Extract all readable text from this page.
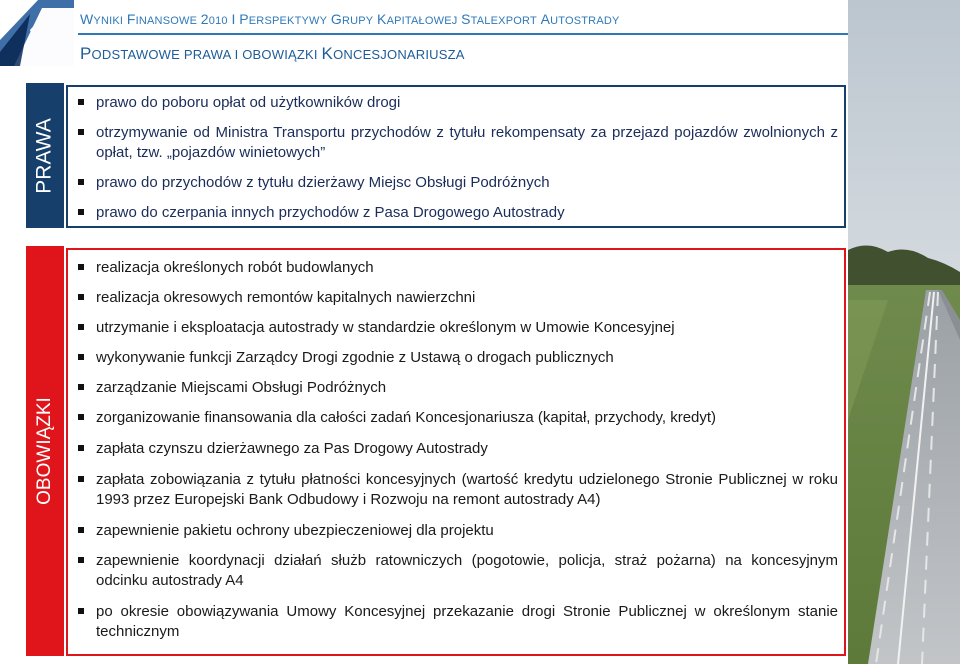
WYNIKI FINANSOWE 2010 I PERSPEKTYWY GRUPY KAPITAŁOWEJ STALEXPORT AUTOSTRADY
PODSTAWOWE PRAWA I OBOWIĄZKI KONCESJONARIUSZA
PRAWA
prawo do poboru opłat od użytkowników drogi
otrzymywanie od Ministra Transportu przychodów z tytułu rekompensaty za przejazd pojazdów zwolnionych z opłat, tzw. „pojazdów winietowych”
prawo do przychodów z tytułu dzierżawy Miejsc Obsługi Podróżnych
prawo do czerpania innych przychodów z Pasa Drogowego Autostrady
OBOWIĄZKI
realizacja określonych robót budowlanych
realizacja okresowych remontów kapitalnych nawierzchni
utrzymanie i eksploatacja autostrady w standardzie określonym w Umowie Koncesyjnej
wykonywanie funkcji Zarządcy Drogi zgodnie z Ustawą o drogach publicznych
zarządzanie Miejscami Obsługi Podróżnych
zorganizowanie finansowania dla całości zadań Koncesjonariusza (kapitał, przychody, kredyt)
zapłata czynszu dzierżawnego za Pas Drogowy Autostrady
zapłata zobowiązania z tytułu płatności koncesyjnych (wartość kredytu udzielonego Stronie Publicznej w roku 1993 przez Europejski Bank Odbudowy i Rozwoju na remont autostrady A4)
zapewnienie pakietu ochrony ubezpieczeniowej dla projektu
zapewnienie koordynacji działań służb ratowniczych (pogotowie, policja, straż pożarna) na koncesyjnym odcinku autostrady A4
po okresie obowiązywania Umowy Koncesyjnej przekazanie drogi Stronie Publicznej w określonym stanie technicznym
